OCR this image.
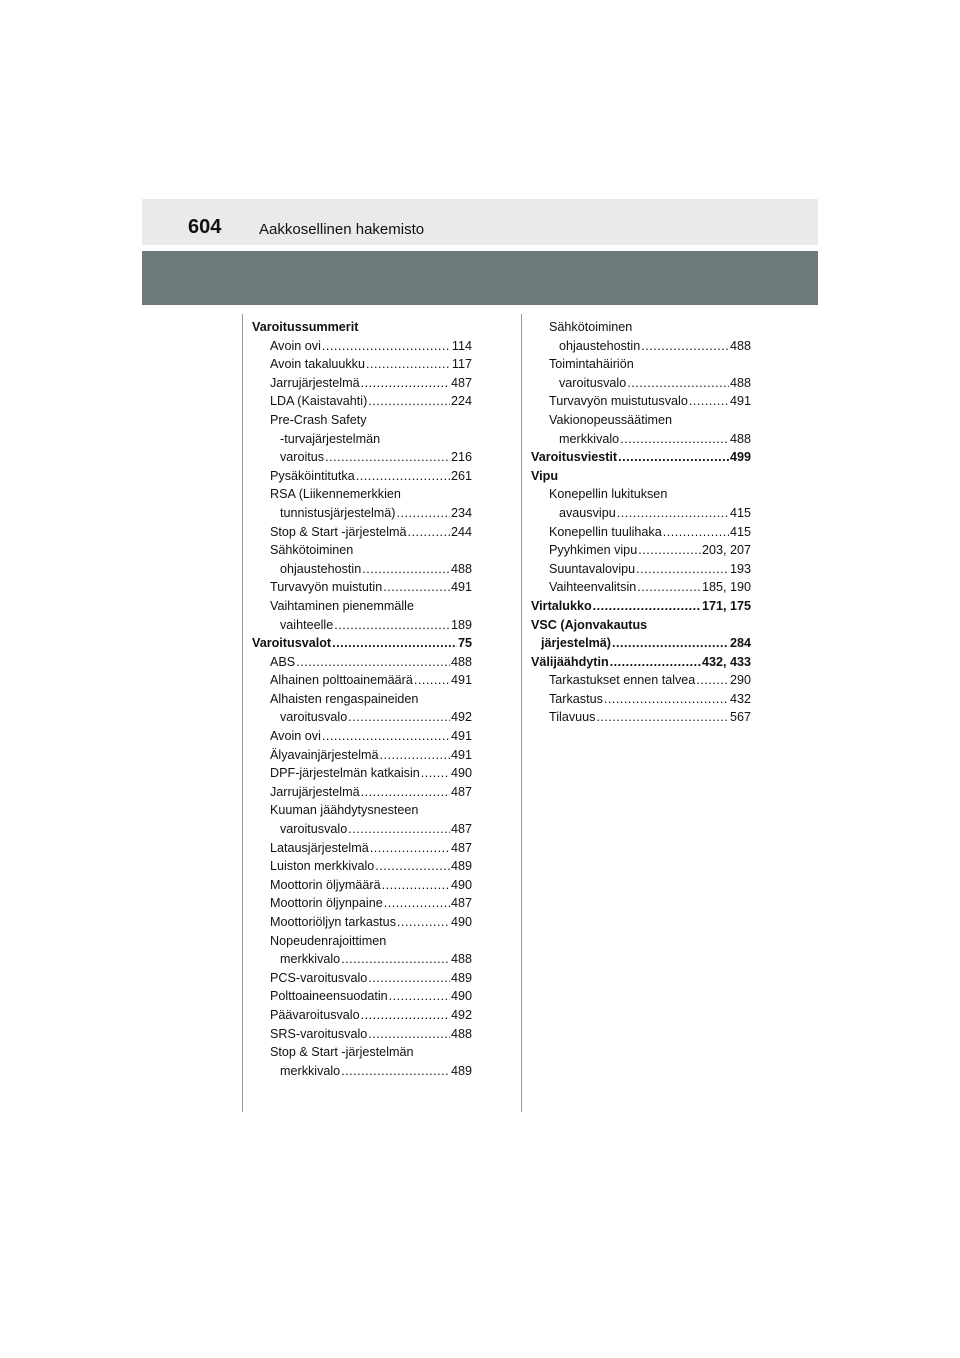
604	Aakkosellinen hakemisto
Varoitussummerit
Avoin ovi .....	114
Avoin takaluukku .....	117
Jarrujärjestelmä .....	487
LDA (Kaistavahti) .....	224
Pre-Crash Safety
-turvajärjestelmän
varoitus .....	216
Pysäköintitutka .....	261
RSA (Liikennemerkkien
tunnistusjärjestelmä) .....	234
Stop & Start -järjestelmä .....	244
Sähkötoiminen
ohjaustehostin .....	488
Turvavyön muistutin .....	491
Vaihtaminen pienemmälle
vaihteelle .....	189
Varoitusvalot .....	75
ABS .....	488
Alhainen polttoainemäärä .....	491
Alhaisten rengaspaineiden
varoitusvalo .....	492
Avoin ovi .....	491
Älyavainjärjestelmä .....	491
DPF-järjestelmän katkaisin ..... 490
Jarrujärjestelmä .....	487
Kuuman jäähdytysnesteen
varoitusvalo .....	487
Latausjärjestelmä .....	487
Luiston merkkivalo .....	489
Moottorin öljymäärä .....	490
Moottorin öljynpaine .....	487
Moottoriöljyn tarkastus .....	490
Nopeudenrajoittimen
merkkivalo .....	488
PCS-varoitusvalo .....	489
Polttoaineensuodatin .....	490
Päävaroitusvalo .....	492
SRS-varoitusvalo .....	488
Stop & Start -järjestelmän
merkkivalo .....	489
Sähkötoiminen
ohjaustehostin .....	488
Toimintahäiriön
varoitusvalo .....	488
Turvavyön muistutusvalo .....	491
Vakionopeussäätimen
merkkivalo .....	488
Varoitusviestit .....	499
Vipu
Konepellin lukituksen
avausvipu .....	415
Konepellin tuulihaka .....	415
Pyyhkimen vipu .....	203, 207
Suuntavalovipu .....	193
Vaihteenvalitsin .....	185, 190
Virtalukko .....	171, 175
VSC (Ajonvakautus
järjestelmä) .....	284
Välijäähdytin .....	432, 433
Tarkastukset ennen talvea .....	290
Tarkastus .....	432
Tilavuus .....	567
